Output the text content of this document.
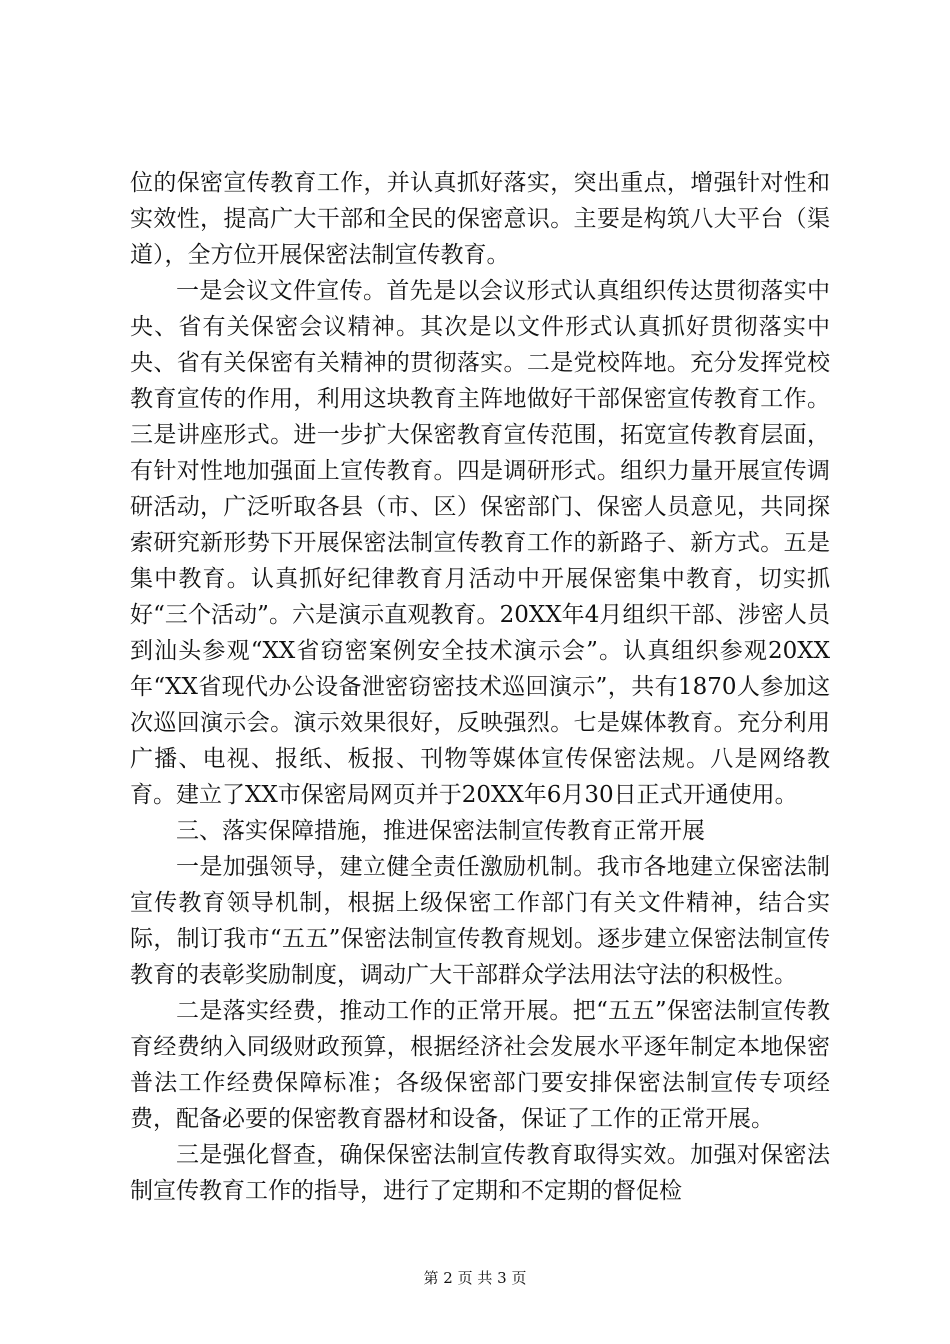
位的保密宣传教育工作，并认真抓好落实，突出重点，增强针对性和实效性，提高广大干部和全民的保密意识。主要是构筑八大平台（渠道），全方位开展保密法制宣传教育。

一是会议文件宣传。首先是以会议形式认真组织传达贯彻落实中央、省有关保密会议精神。其次是以文件形式认真抓好贯彻落实中央、省有关保密有关精神的贯彻落实。二是党校阵地。充分发挥党校教育宣传的作用，利用这块教育主阵地做好干部保密宣传教育工作。三是讲座形式。进一步扩大保密教育宣传范围，拓宽宣传教育层面，有针对性地加强面上宣传教育。四是调研形式。组织力量开展宣传调研活动，广泛听取各县（市、区）保密部门、保密人员意见，共同探索研究新形势下开展保密法制宣传教育工作的新路子、新方式。五是集中教育。认真抓好纪律教育月活动中开展保密集中教育，切实抓好“三个活动”。六是演示直观教育。20XX年4月组织干部、涉密人员到汕头参观“XX省窃密案例安全技术演示会”。认真组织参观20XX年“XX省现代办公设备泄密窃密技术巡回演示”，共有1870人参加这次巡回演示会。演示效果很好，反映强烈。七是媒体教育。充分利用广播、电视、报纸、板报、刊物等媒体宣传保密法规。八是网络教育。建立了XX市保密局网页并于20XX年6月30日正式开通使用。

三、落实保障措施，推进保密法制宣传教育正常开展

一是加强领导，建立健全责任激励机制。我市各地建立保密法制宣传教育领导机制，根据上级保密工作部门有关文件精神，结合实际，制订我市“五五”保密法制宣传教育规划。逐步建立保密法制宣传教育的表彰奖励制度，调动广大干部群众学法用法守法的积极性。

二是落实经费，推动工作的正常开展。把“五五”保密法制宣传教育经费纳入同级财政预算，根据经济社会发展水平逐年制定本地保密普法工作经费保障标准；各级保密部门要安排保密法制宣传专项经费，配备必要的保密教育器材和设备，保证了工作的正常开展。

三是强化督查，确保保密法制宣传教育取得实效。加强对保密法制宣传教育工作的指导，进行了定期和不定期的督促检

第 2 页 共 3 页
